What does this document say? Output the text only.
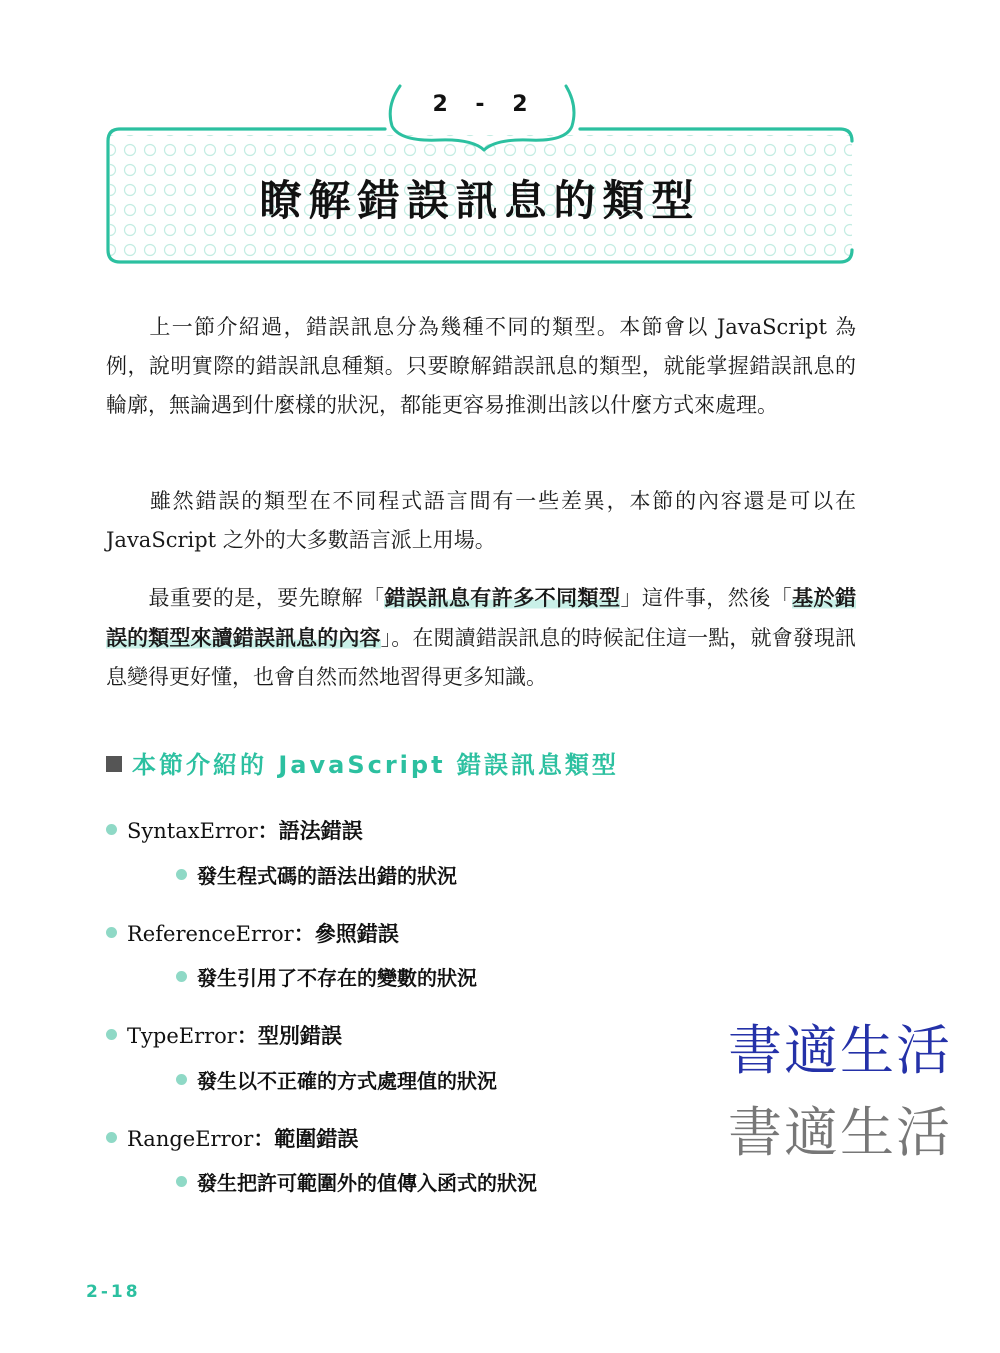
2 - 2
瞭解錯誤訊息的類型

上一節介紹過，錯誤訊息分為幾種不同的類型。本節會以 JavaScript 為例，說明實際的錯誤訊息種類。只要瞭解錯誤訊息的類型，就能掌握錯誤訊息的輪廓，無論遇到什麼樣的狀況，都能更容易推測出該以什麼方式來處理。

雖然錯誤的類型在不同程式語言間有一些差異，本節的內容還是可以在 JavaScript 之外的大多數語言派上用場。

最重要的是，要先瞭解「錯誤訊息有許多不同類型」這件事，然後「基於錯誤的類型來讀錯誤訊息的內容」。在閱讀錯誤訊息的時候記住這一點，就會發現訊息變得更好懂，也會自然而然地習得更多知識。

本節介紹的 JavaScript 錯誤訊息類型
SyntaxError：語法錯誤
發生程式碼的語法出錯的狀況
ReferenceError：參照錯誤
發生引用了不存在的變數的狀況
TypeError：型別錯誤
發生以不正確的方式處理值的狀況
RangeError：範圍錯誤
發生把許可範圍外的值傳入函式的狀況
書適生活
書適生活
2-18
